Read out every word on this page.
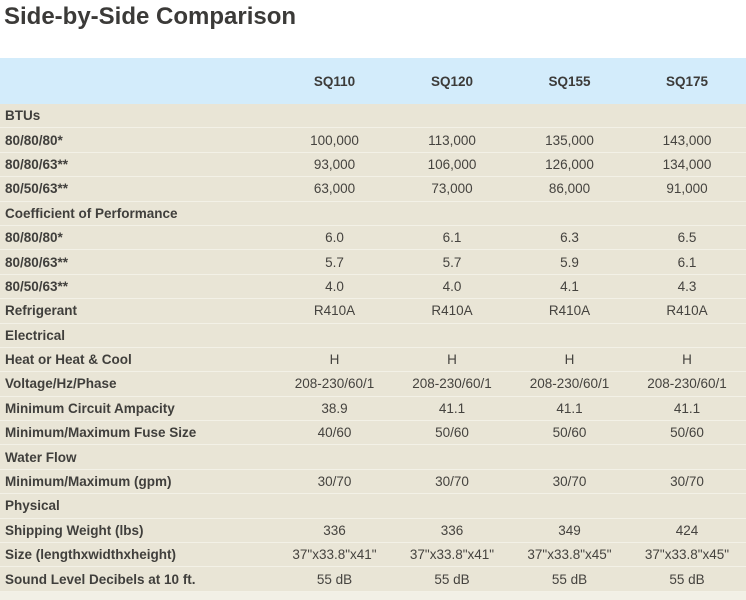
Side-by-Side Comparison
	SQ110	SQ120	SQ155	SQ175
BTUs				
80/80/80*	100,000	113,000	135,000	143,000
80/80/63**	93,000	106,000	126,000	134,000
80/50/63**	63,000	73,000	86,000	91,000
Coefficient of Performance				
80/80/80*	6.0	6.1	6.3	6.5
80/80/63**	5.7	5.7	5.9	6.1
80/50/63**	4.0	4.0	4.1	4.3
Refrigerant	R410A	R410A	R410A	R410A
Electrical				
Heat or Heat & Cool	H	H	H	H
Voltage/Hz/Phase	208-230/60/1	208-230/60/1	208-230/60/1	208-230/60/1
Minimum Circuit Ampacity	38.9	41.1	41.1	41.1
Minimum/Maximum Fuse Size	40/60	50/60	50/60	50/60
Water Flow				
Minimum/Maximum (gpm)	30/70	30/70	30/70	30/70
Physical				
Shipping Weight (lbs)	336	336	349	424
Size (lengthxwidthxheight)	37"x33.8"x41"	37"x33.8"x41"	37"x33.8"x45"	37"x33.8"x45"
Sound Level Decibels at 10 ft.	55 dB	55 dB	55 dB	55 dB
